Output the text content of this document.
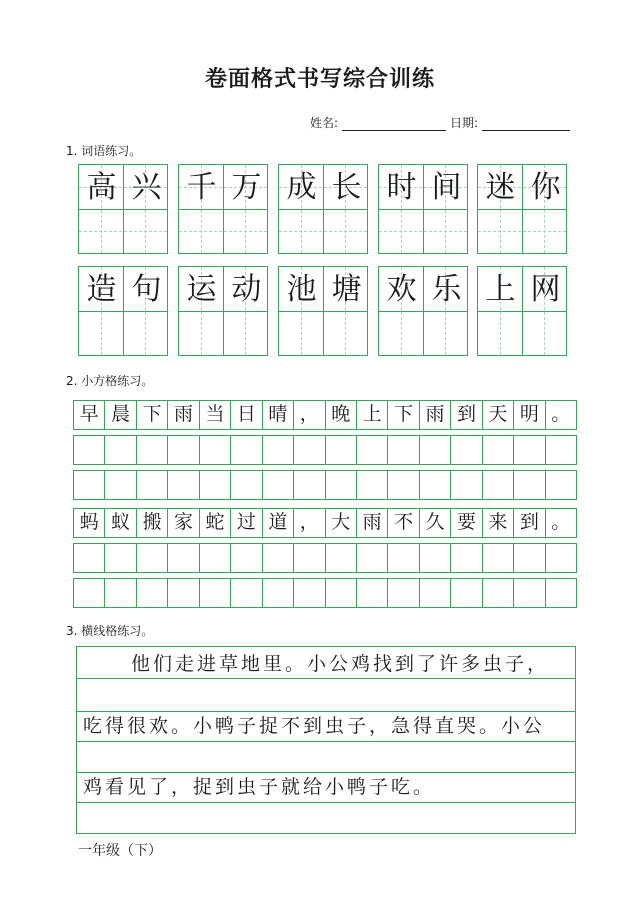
卷面格式书写综合训练
姓名:	日期:
1. 词语练习。
高 兴 千 万 成 长 时 间 迷 你
造 句 运 动 池 塘 欢 乐 上 网
2. 小方格练习。
早 晨 下 雨 当 日 晴 ， 晚 上 下 雨 到 天 明 。
蚂 蚁 搬 家 蛇 过 道 ， 大 雨 不 久 要 来 到 。
3. 横线格练习。
他们走进草地里。小公鸡找到了许多虫子，
吃得很欢。小鸭子捉不到虫子，急得直哭。小公
鸡看见了，捉到虫子就给小鸭子吃。
一年级（下）
